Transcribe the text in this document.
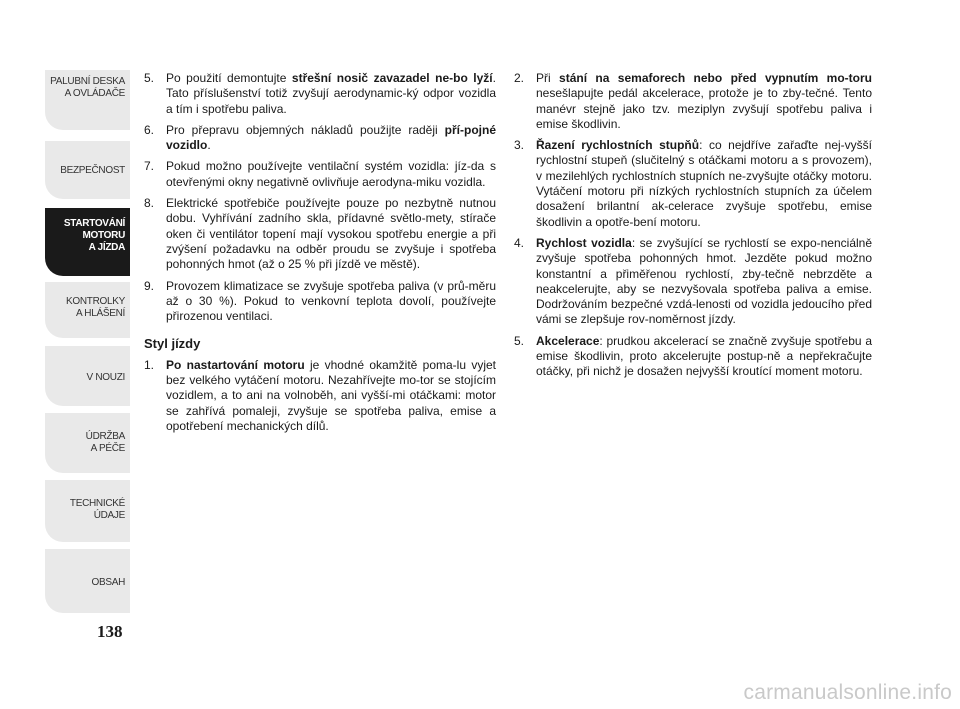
PALUBNÍ DESKA
A OVLÁDAČE
BEZPEČNOST
STARTOVÁNÍ
MOTORU
A JÍZDA
KONTROLKY
A HLÁŠENÍ
V NOUZI
ÚDRŽBA
A PÉČE
TECHNICKÉ
ÚDAJE
OBSAH
138
5. Po použití demontujte střešní nosič zavazadel ne-bo lyží. Tato příslušenství totiž zvyšují aerodynamic-ký odpor vozidla a tím i spotřebu paliva.
6. Pro přepravu objemných nákladů použijte raději pří-pojné vozidlo.
7. Pokud možno používejte ventilační systém vozidla: jíz-da s otevřenými okny negativně ovlivňuje aerodyna-miku vozidla.
8. Elektrické spotřebiče používejte pouze po nezbytně nutnou dobu. Vyhřívání zadního skla, přídavné světlo-mety, stírače oken či ventilátor topení mají vysokou spotřebu energie a při zvýšení požadavku na odběr proudu se zvyšuje i spotřeba pohonných hmot (až o 25 % při jízdě ve městě).
9. Provozem klimatizace se zvyšuje spotřeba paliva (v prů-měru až o 30 %). Pokud to venkovní teplota dovolí, používejte přirozenou ventilaci.
Styl jízdy
1. Po nastartování motoru je vhodné okamžitě poma-lu vyjet bez velkého vytáčení motoru. Nezahřívejte mo-tor se stojícím vozidlem, a to ani na volnoběh, ani vyšší-mi otáčkami: motor se zahřívá pomaleji, zvyšuje se spotřeba paliva, emise a opotřebení mechanických dílů.
2. Při stání na semaforech nebo před vypnutím mo-toru nesešlapujte pedál akcelerace, protože je to zby-tečné. Tento manévr stejně jako tzv. meziplyn zvyšují spotřebu paliva i emise škodlivin.
3. Řazení rychlostních stupňů: co nejdříve zařaďte nej-vyšší rychlostní stupeň (slučitelný s otáčkami motoru a s provozem), v mezilehlých rychlostních stupních ne-zvyšujte otáčky motoru. Vytáčení motoru při nízkých rychlostních stupních za účelem dosažení brilantní ak-celerace zvyšuje spotřebu, emise škodlivin a opotře-bení motoru.
4. Rychlost vozidla: se zvyšující se rychlostí se expo-nenciálně zvyšuje spotřeba pohonných hmot. Jezděte pokud možno konstantní a přiměřenou rychlostí, zby-tečně nebrzděte a neakcelerujte, aby se nezvyšovala spotřeba paliva a emise. Dodržováním bezpečné vzdá-lenosti od vozidla jedoucího před vámi se zlepšuje rov-noměrnost jízdy.
5. Akcelerace: prudkou akcelerací se značně zvyšuje spotřebu a emise škodlivin, proto akcelerujte postup-ně a nepřekračujte otáčky, při nichž je dosažen nejvyšší kroutící moment motoru.
carmanualsonline.info
